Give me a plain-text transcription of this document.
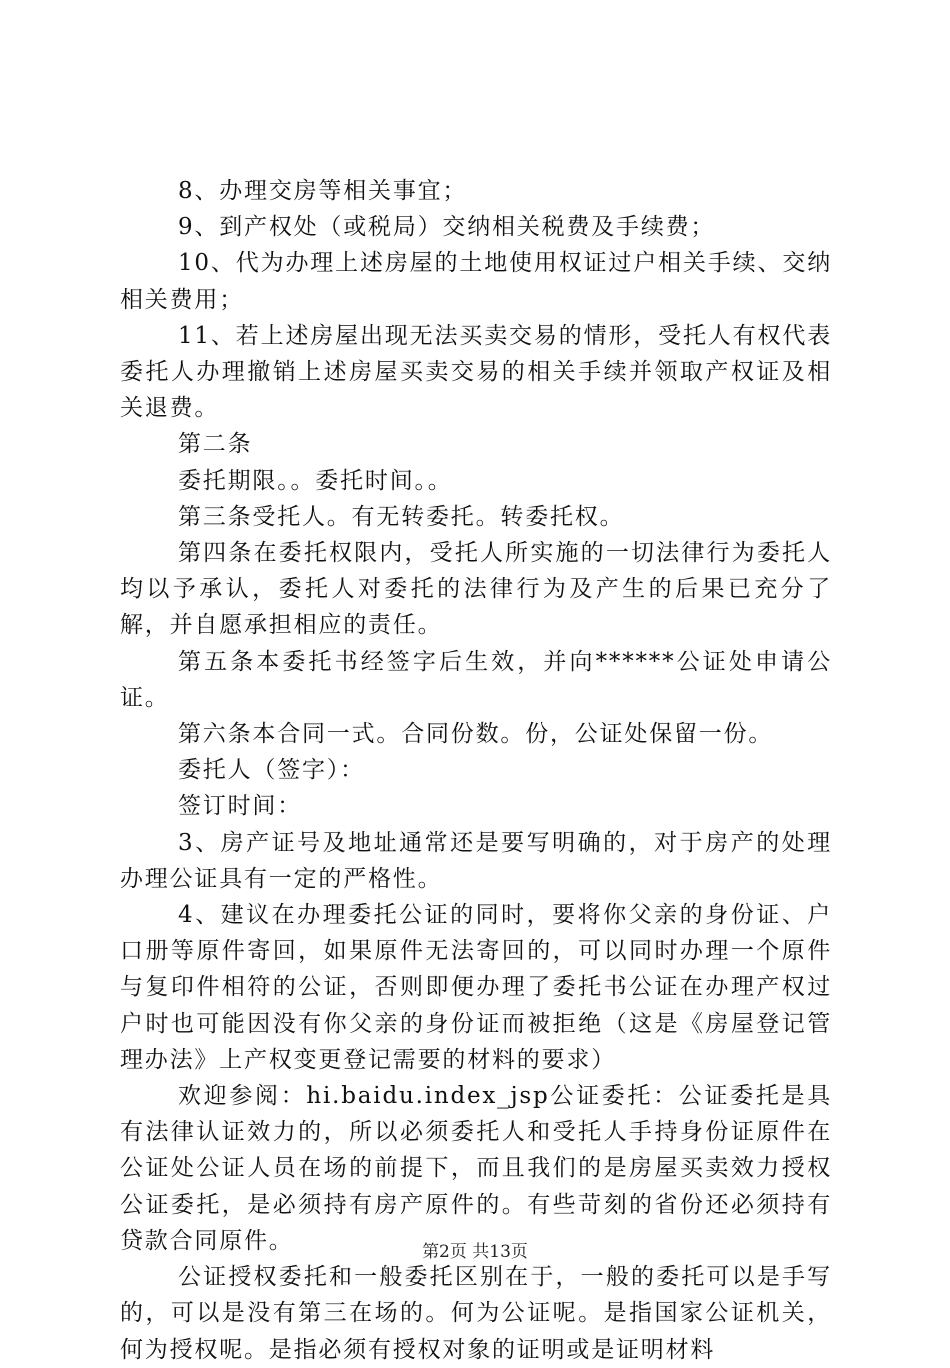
8、办理交房等相关事宜；

9、到产权处（或税局）交纳相关税费及手续费；

10、代为办理上述房屋的土地使用权证过户相关手续、交纳相关费用；

11、若上述房屋出现无法买卖交易的情形，受托人有权代表委托人办理撤销上述房屋买卖交易的相关手续并领取产权证及相关退费。

第二条

委托期限。。委托时间。。

第三条受托人。有无转委托。转委托权。

第四条在委托权限内，受托人所实施的一切法律行为委托人均以予承认，委托人对委托的法律行为及产生的后果已充分了解，并自愿承担相应的责任。

第五条本委托书经签字后生效，并向******公证处申请公证。

第六条本合同一式。合同份数。份，公证处保留一份。

委托人（签字）：

签订时间：

3、房产证号及地址通常还是要写明确的，对于房产的处理办理公证具有一定的严格性。

4、建议在办理委托公证的同时，要将你父亲的身份证、户口册等原件寄回，如果原件无法寄回的，可以同时办理一个原件与复印件相符的公证，否则即便办理了委托书公证在办理产权过户时也可能因没有你父亲的身份证而被拒绝（这是《房屋登记管理办法》上产权变更登记需要的材料的要求）

欢迎参阅：hi.baidu.index_jsp公证委托：公证委托是具有法律认证效力的，所以必须委托人和受托人手持身份证原件在公证处公证人员在场的前提下，而且我们的是房屋买卖效力授权公证委托，是必须持有房产原件的。有些苛刻的省份还必须持有贷款合同原件。

公证授权委托和一般委托区别在于，一般的委托可以是手写的，可以是没有第三在场的。何为公证呢。是指国家公证机关，何为授权呢。是指必须有授权对象的证明或是证明材料

第2页 共13页
